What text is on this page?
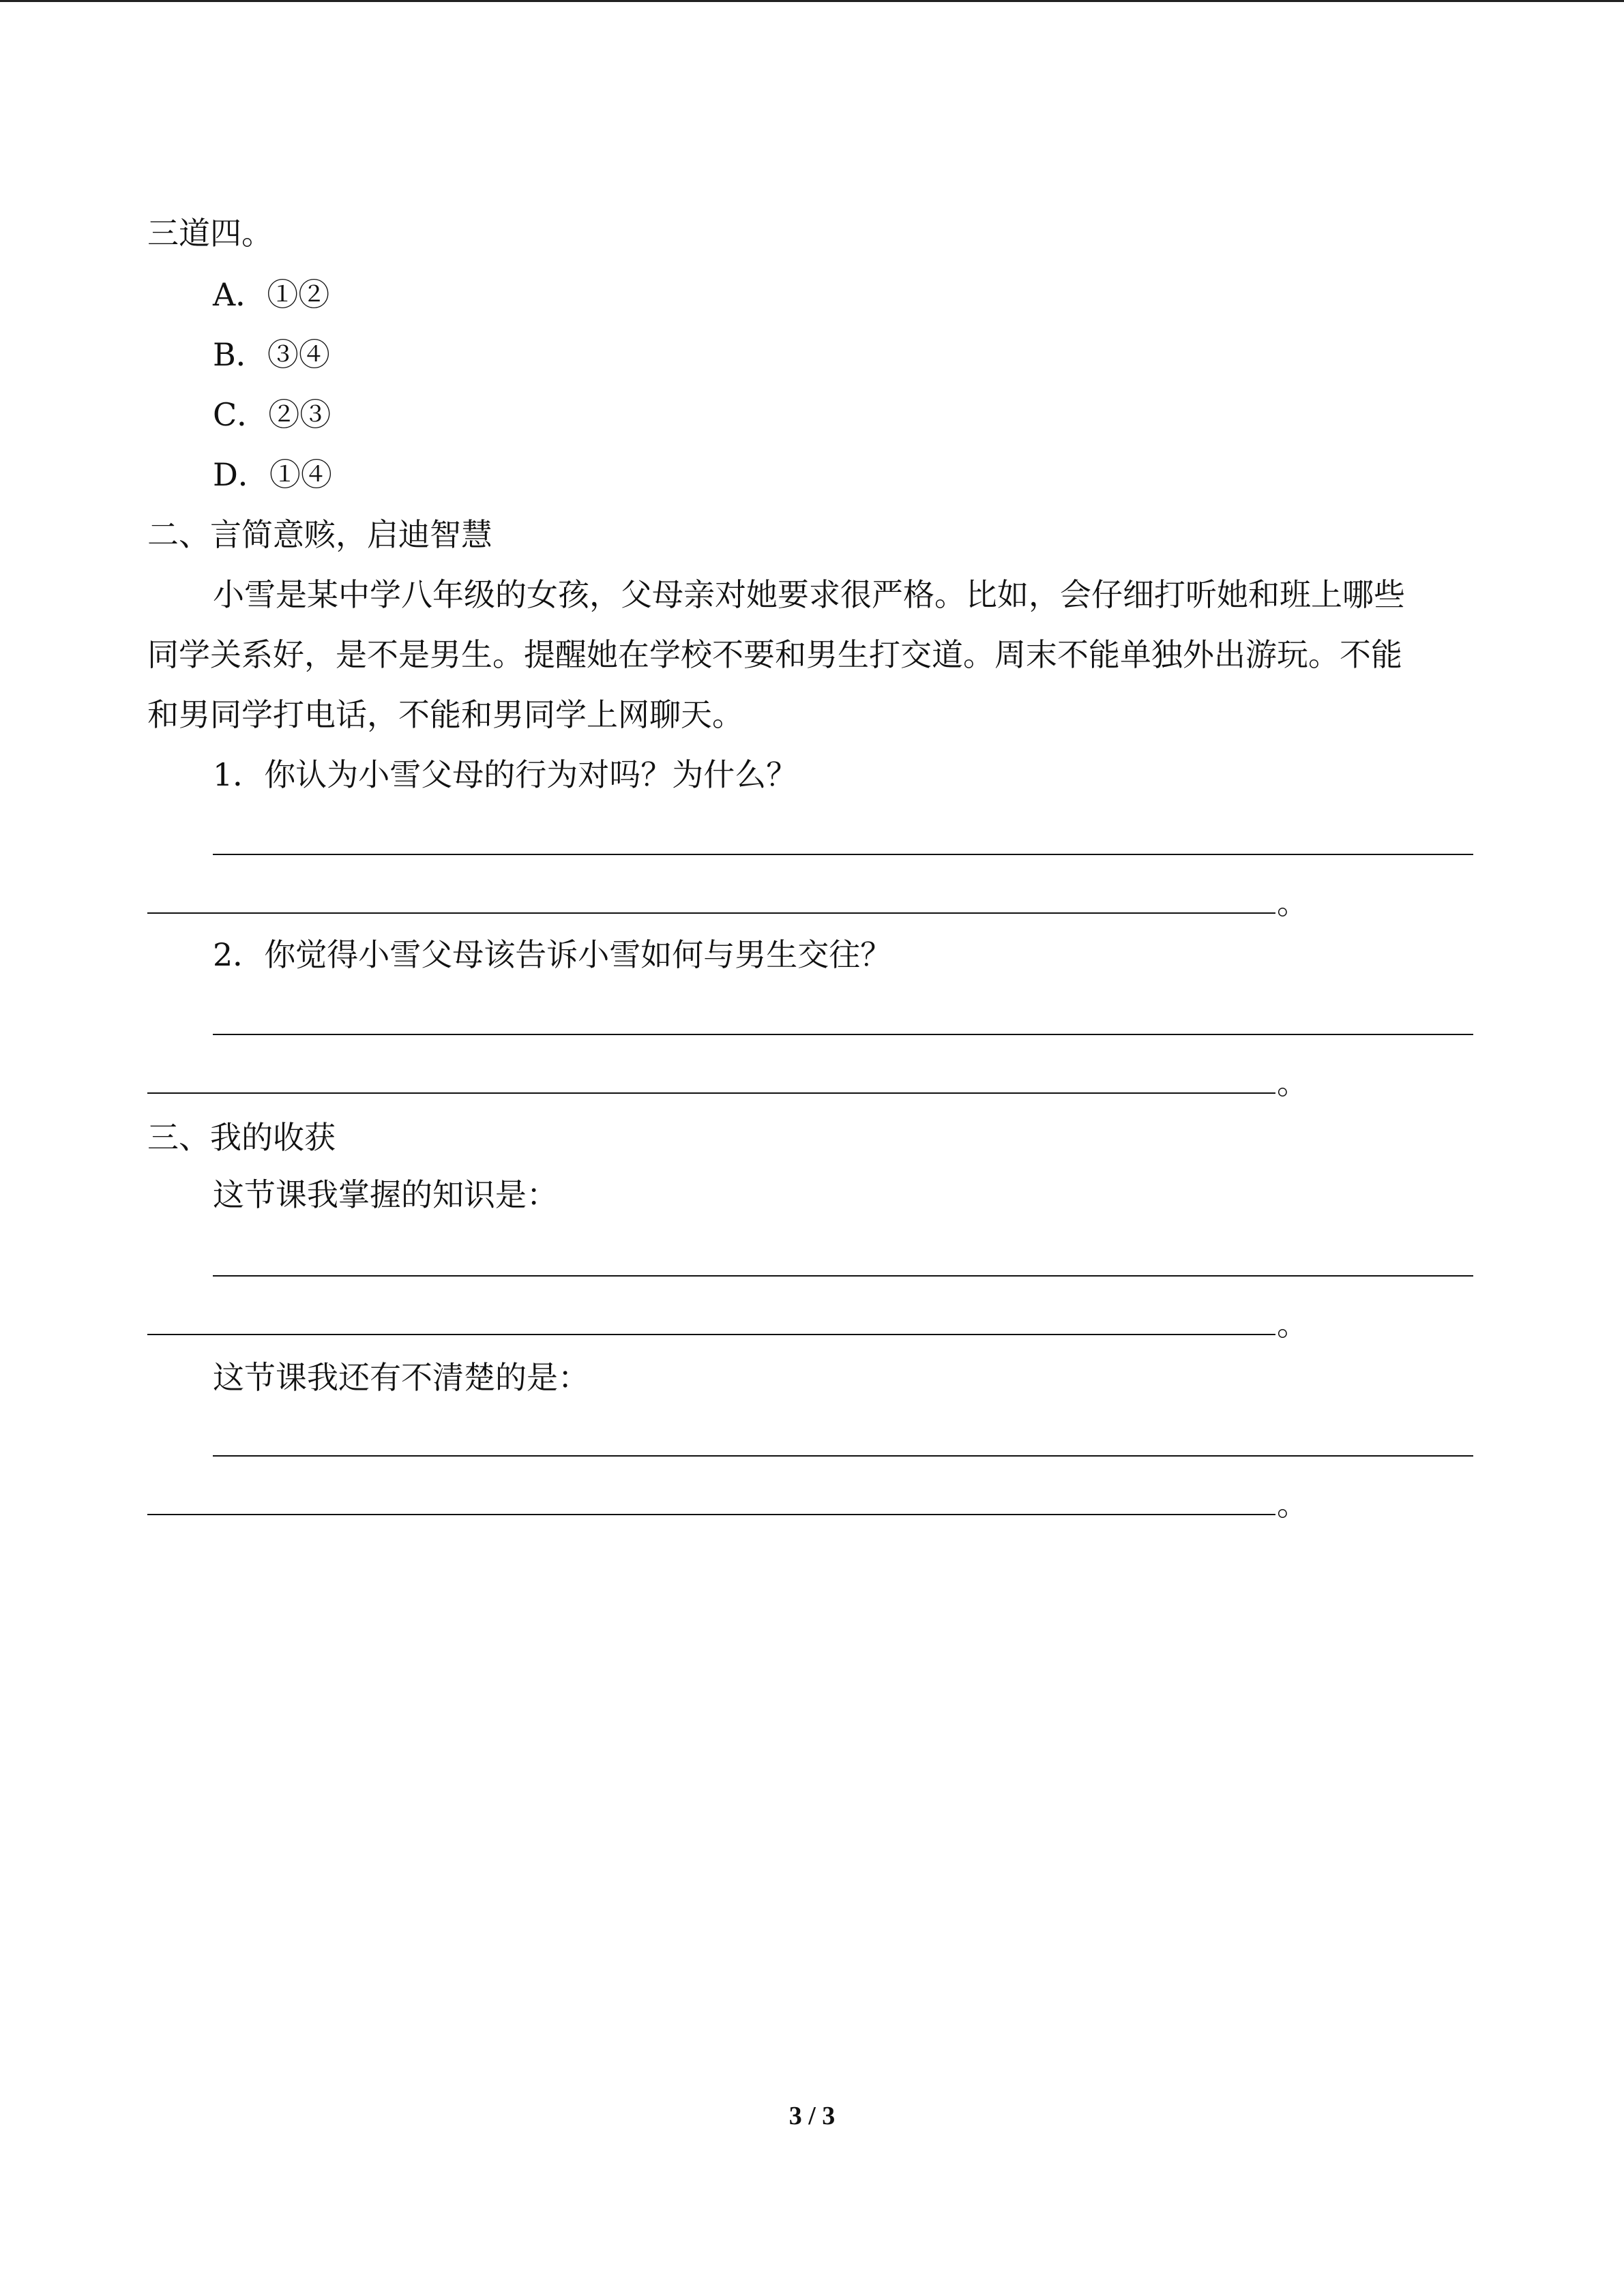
三道四。
A．①②
B．③④
C．②③
D．①④
二、言简意赅，启迪智慧
小雪是某中学八年级的女孩，父母亲对她要求很严格。比如，会仔细打听她和班上哪些
同学关系好，是不是男生。提醒她在学校不要和男生打交道。周末不能单独外出游玩。不能
和男同学打电话，不能和男同学上网聊天。
1．你认为小雪父母的行为对吗？为什么？
。
2．你觉得小雪父母该告诉小雪如何与男生交往？
。
三、我的收获
这节课我掌握的知识是：
。
这节课我还有不清楚的是：
。
3 / 3
